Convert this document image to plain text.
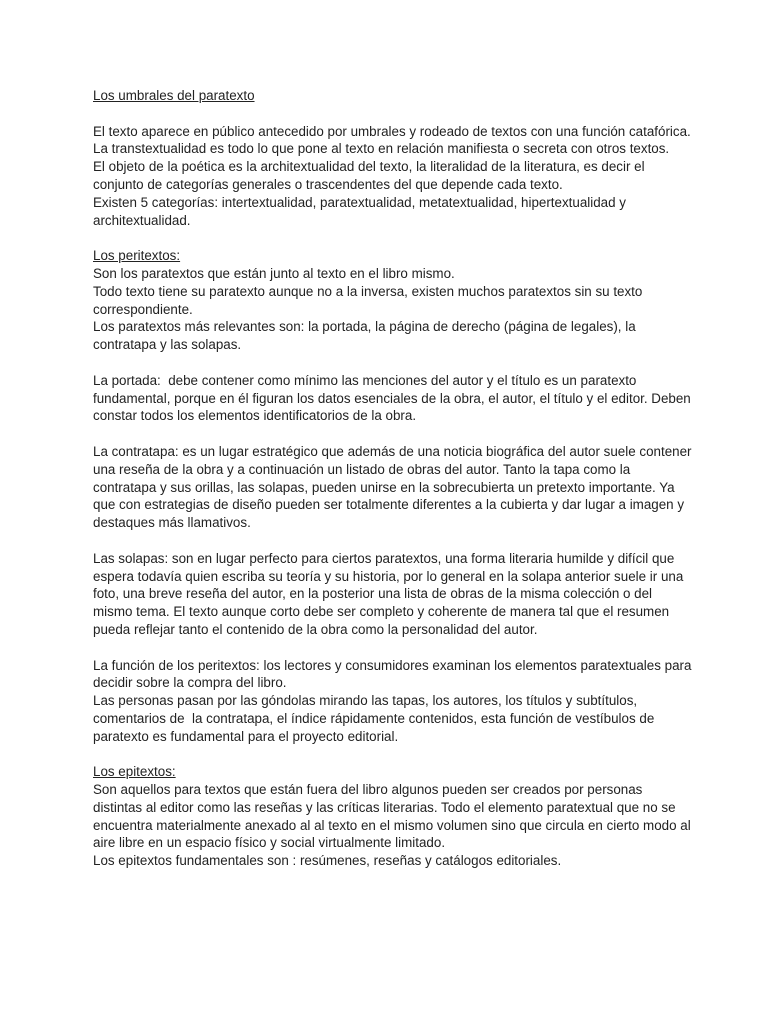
Los umbrales del paratexto

El texto aparece en público antecedido por umbrales y rodeado de textos con una función catafórica.

La transtextualidad es todo lo que pone al texto en relación manifiesta o secreta con otros textos.

El objeto de la poética es la architextualidad del texto, la literalidad de la literatura, es decir el conjunto de categorías generales o trascendentes del que depende cada texto.

Existen 5 categorías: intertextualidad, paratextualidad, metatextualidad, hipertextualidad y architextualidad.

Los peritextos:

Son los paratextos que están junto al texto en el libro mismo.

Todo texto tiene su paratexto aunque no a la inversa, existen muchos paratextos sin su texto correspondiente.

Los paratextos más relevantes son: la portada, la página de derecho (página de legales), la contratapa y las solapas.

La portada:  debe contener como mínimo las menciones del autor y el título es un paratexto fundamental, porque en él figuran los datos esenciales de la obra, el autor, el título y el editor. Deben constar todos los elementos identificatorios de la obra.

La contratapa: es un lugar estratégico que además de una noticia biográfica del autor suele contener una reseña de la obra y a continuación un listado de obras del autor. Tanto la tapa como la contratapa y sus orillas, las solapas, pueden unirse en la sobrecubierta un pretexto importante. Ya que con estrategias de diseño pueden ser totalmente diferentes a la cubierta y dar lugar a imagen y destaques más llamativos.

Las solapas: son en lugar perfecto para ciertos paratextos, una forma literaria humilde y difícil que espera todavía quien escriba su teoría y su historia, por lo general en la solapa anterior suele ir una foto, una breve reseña del autor, en la posterior una lista de obras de la misma colección o del mismo tema. El texto aunque corto debe ser completo y coherente de manera tal que el resumen pueda reflejar tanto el contenido de la obra como la personalidad del autor.

La función de los peritextos: los lectores y consumidores examinan los elementos paratextuales para decidir sobre la compra del libro.

Las personas pasan por las góndolas mirando las tapas, los autores, los títulos y subtítulos, comentarios de  la contratapa, el índice rápidamente contenidos, esta función de vestíbulos de paratexto es fundamental para el proyecto editorial.

Los epitextos:

Son aquellos para textos que están fuera del libro algunos pueden ser creados por personas distintas al editor como las reseñas y las críticas literarias. Todo el elemento paratextual que no se encuentra materialmente anexado al al texto en el mismo volumen sino que circula en cierto modo al aire libre en un espacio físico y social virtualmente limitado.

Los epitextos fundamentales son : resúmenes, reseñas y catálogos editoriales.
